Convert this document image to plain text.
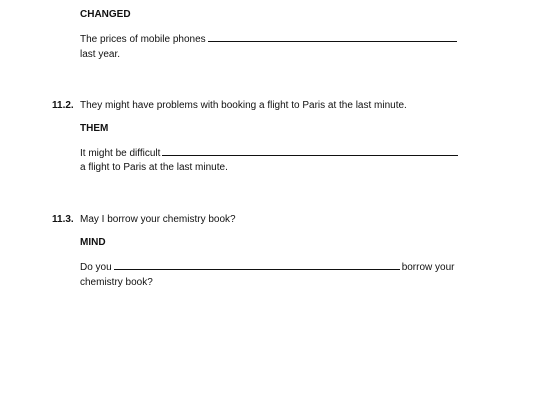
CHANGED
The prices of mobile phones
last year.
11.2. They might have problems with booking a flight to Paris at the last minute.
THEM
It might be difficult
a flight to Paris at the last minute.
11.3. May I borrow your chemistry book?
MIND
Do you	borrow your
chemistry book?
